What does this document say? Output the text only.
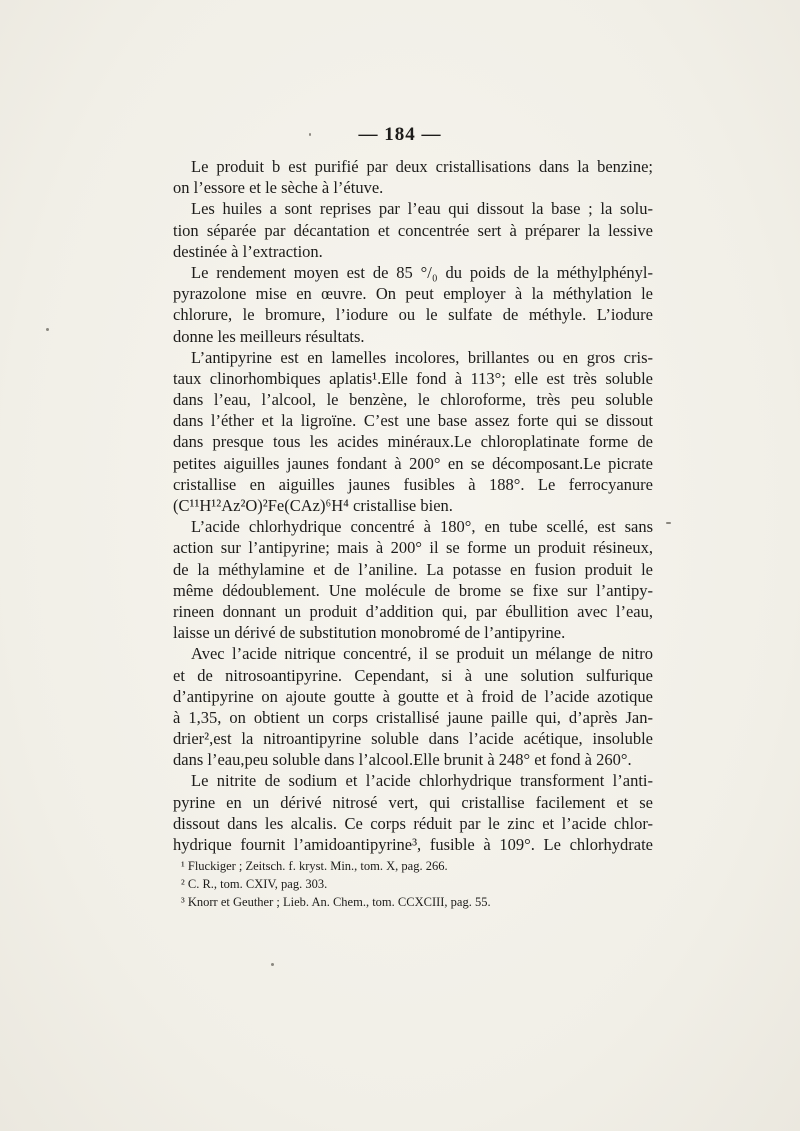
— 184 —
Le produit b est purifié par deux cristallisations dans la benzine;
on l’essore et le sèche à l’étuve.
Les huiles a sont reprises par l’eau qui dissout la base ; la solu-
tion séparée par décantation et concentrée sert à préparer la lessive
destinée à l’extraction.
Le rendement moyen est de 85 °/₀ du poids de la méthylphényl-
pyrazolone mise en œuvre. On peut employer à la méthylation le
chlorure, le bromure, l’iodure ou le sulfate de méthyle. L’iodure
donne les meilleurs résultats.
L’antipyrine est en lamelles incolores, brillantes ou en gros cris-
taux clinorhombiques aplatis¹.Elle fond à 113°; elle est très soluble
dans l’eau, l’alcool, le benzène, le chloroforme, très peu soluble
dans l’éther et la ligroïne. C’est une base assez forte qui se dissout
dans presque tous les acides minéraux.Le chloroplatinate forme de
petites aiguilles jaunes fondant à 200° en se décomposant.Le picrate
cristallise en aiguilles jaunes fusibles à 188°. Le ferrocyanure
(C¹¹H¹²Az²O)²Fe(CAz)⁶H⁴ cristallise bien.
L’acide chlorhydrique concentré à 180°, en tube scellé, est sans
action sur l’antipyrine; mais à 200° il se forme un produit résineux,
de la méthylamine et de l’aniline. La potasse en fusion produit le
même dédoublement. Une molécule de brome se fixe sur l’antipy-
rineen donnant un produit d’addition qui, par ébullition avec l’eau,
laisse un dérivé de substitution monobromé de l’antipyrine.
Avec l’acide nitrique concentré, il se produit un mélange de nitro
et de nitrosoantipyrine. Cependant, si à une solution sulfurique
d’antipyrine on ajoute goutte à goutte et à froid de l’acide azotique
à 1,35, on obtient un corps cristallisé jaune paille qui, d’après Jan-
drier²,est la nitroantipyrine soluble dans l’acide acétique, insoluble
dans l’eau,peu soluble dans l’alcool.Elle brunit à 248° et fond à 260°.
Le nitrite de sodium et l’acide chlorhydrique transforment l’anti-
pyrine en un dérivé nitrosé vert, qui cristallise facilement et se
dissout dans les alcalis. Ce corps réduit par le zinc et l’acide chlor-
hydrique fournit l’amidoantipyrine³, fusible à 109°. Le chlorhydrate
¹ Fluckiger ; Zeitsch. f. kryst. Min., tom. X, pag. 266.
² C. R., tom. CXIV, pag. 303.
³ Knorr et Geuther ; Lieb. An. Chem., tom. CCXCIII, pag. 55.
